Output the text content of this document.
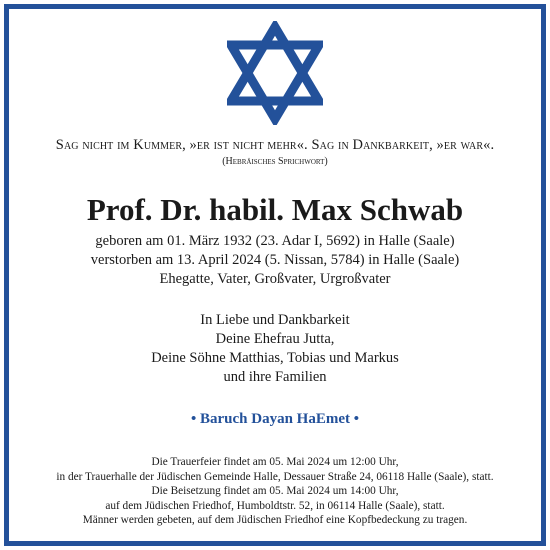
Sag nicht im Kummer, »er ist nicht mehr«. Sag in Dankbarkeit, »er war«.
(Hebräisches Sprichwort)
Prof. Dr. habil. Max Schwab
geboren am 01. März 1932 (23. Adar I, 5692) in Halle (Saale)
verstorben am 13. April 2024 (5. Nissan, 5784) in Halle (Saale)
Ehegatte, Vater, Großvater, Urgroßvater
In Liebe und Dankbarkeit
Deine Ehefrau Jutta,
Deine Söhne Matthias, Tobias und Markus
und ihre Familien
• Baruch Dayan HaEmet •
Die Trauerfeier findet am 05. Mai 2024 um 12:00 Uhr,
in der Trauerhalle der Jüdischen Gemeinde Halle, Dessauer Straße 24, 06118 Halle (Saale), statt.
Die Beisetzung findet am 05. Mai 2024 um 14:00 Uhr,
auf dem Jüdischen Friedhof, Humboldtstr. 52, in 06114 Halle (Saale), statt.
Männer werden gebeten, auf dem Jüdischen Friedhof eine Kopfbedeckung zu tragen.
